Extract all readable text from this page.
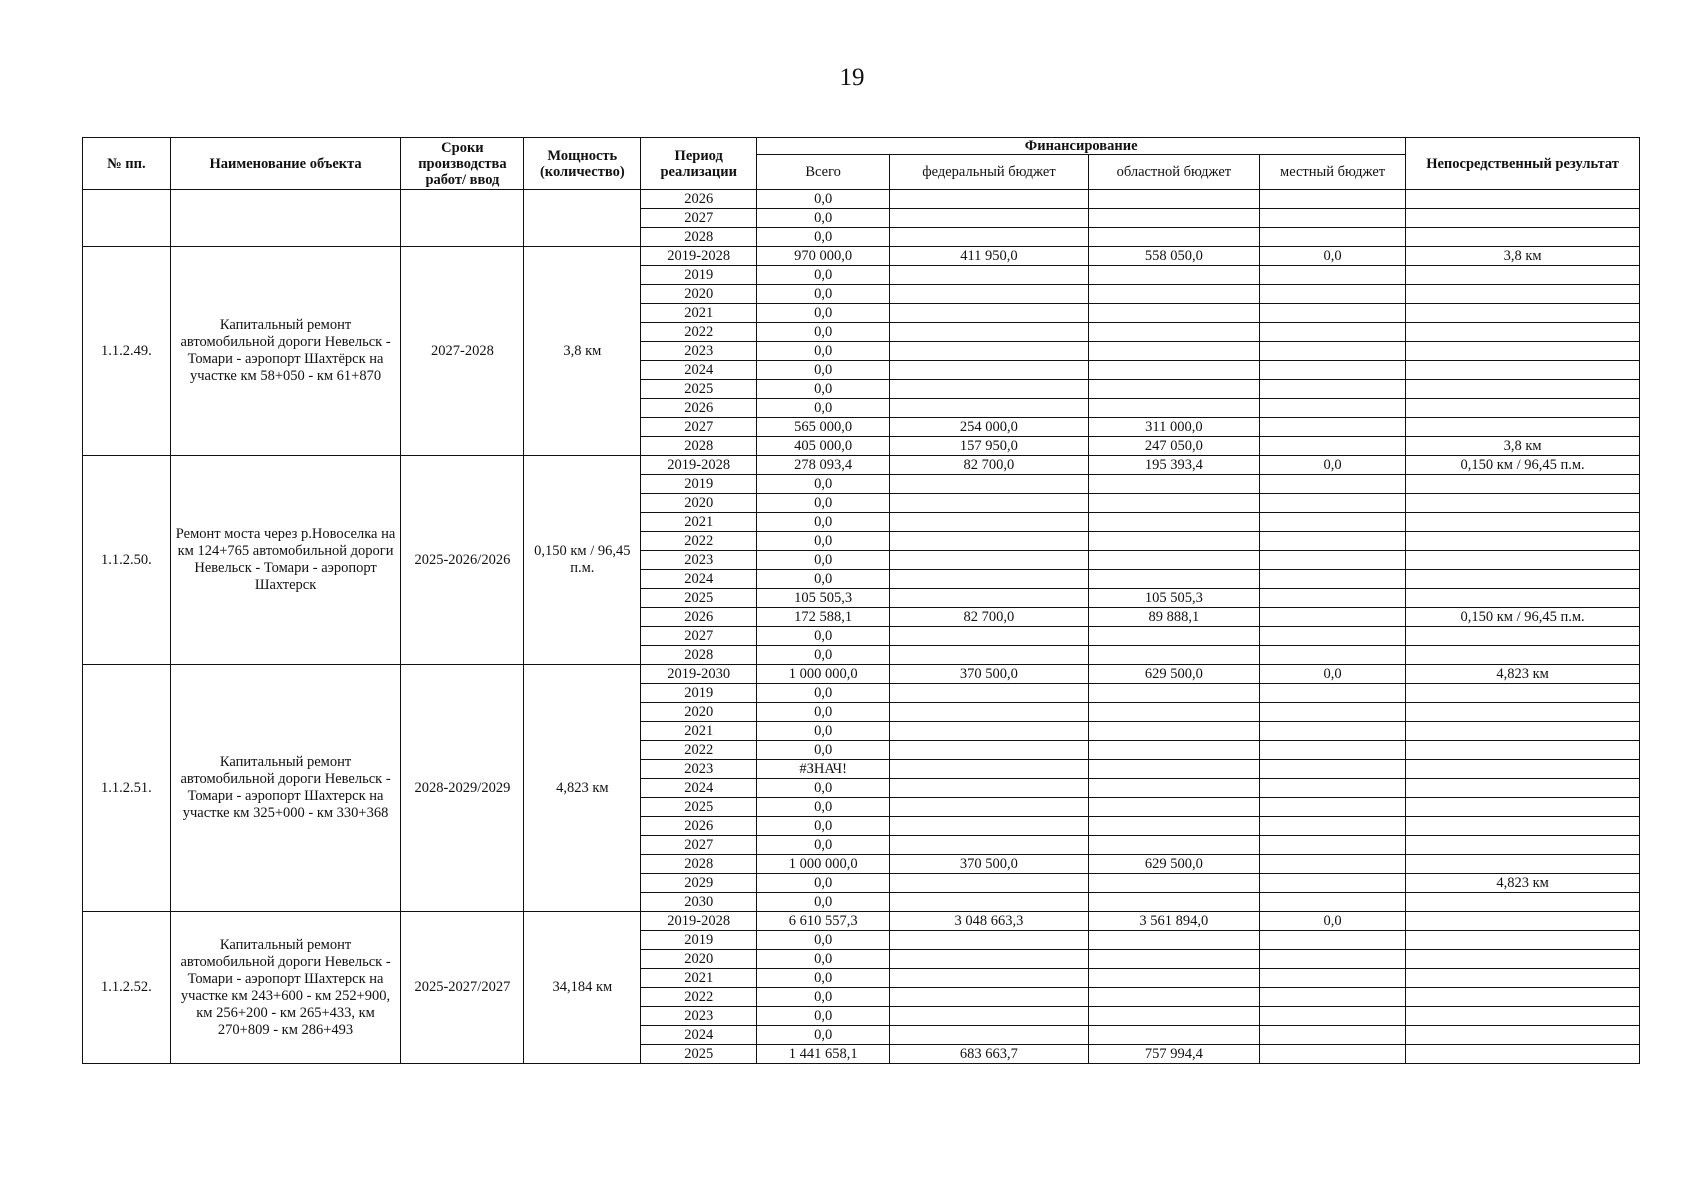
19
№ пп.	Наименование объекта	Сроки производства работ/ ввод	Мощность (количество)	Период реализации	Финансирование				Непосредственный результат
					Всего	федеральный бюджет	областной бюджет	местный бюджет	
				2026	0,0				
				2027	0,0				
				2028	0,0				
1.1.2.49.	Капитальный ремонт автомобильной дороги Невельск - Томари - аэропорт Шахтёрск на участке км 58+050 - км 61+870	2027-2028	3,8 км	2019-2028	970 000,0	411 950,0	558 050,0	0,0	3,8 км
				2019	0,0				
				2020	0,0				
				2021	0,0				
				2022	0,0				
				2023	0,0				
				2024	0,0				
				2025	0,0				
				2026	0,0				
				2027	565 000,0	254 000,0	311 000,0		
				2028	405 000,0	157 950,0	247 050,0		3,8 км
1.1.2.50.	Ремонт моста через р.Новоселка на км 124+765 автомобильной дороги Невельск - Томари - аэропорт Шахтерск	2025-2026/2026	0,150 км / 96,45 п.м.	2019-2028	278 093,4	82 700,0	195 393,4	0,0	0,150 км / 96,45 п.м.
				2019	0,0				
				2020	0,0				
				2021	0,0				
				2022	0,0				
				2023	0,0				
				2024	0,0				
				2025	105 505,3		105 505,3		
				2026	172 588,1	82 700,0	89 888,1		0,150 км / 96,45 п.м.
				2027	0,0				
				2028	0,0				
1.1.2.51.	Капитальный ремонт автомобильной дороги Невельск - Томари - аэропорт Шахтерск на участке км 325+000 - км 330+368	2028-2029/2029	4,823 км	2019-2030	1 000 000,0	370 500,0	629 500,0	0,0	4,823 км
				2019	0,0				
				2020	0,0				
				2021	0,0				
				2022	0,0				
				2023	#ЗНАЧ!				
				2024	0,0				
				2025	0,0				
				2026	0,0				
				2027	0,0				
				2028	1 000 000,0	370 500,0	629 500,0		
				2029	0,0				4,823 км
				2030	0,0				
1.1.2.52.	Капитальный ремонт автомобильной дороги Невельск - Томари - аэропорт Шахтерск на участке км 243+600 - км 252+900, км 256+200 - км 265+433, км 270+809 - км 286+493	2025-2027/2027	34,184 км	2019-2028	6 610 557,3	3 048 663,3	3 561 894,0	0,0	
				2019	0,0				
				2020	0,0				
				2021	0,0				
				2022	0,0				
				2023	0,0				
				2024	0,0				
				2025	1 441 658,1	683 663,7	757 994,4		
